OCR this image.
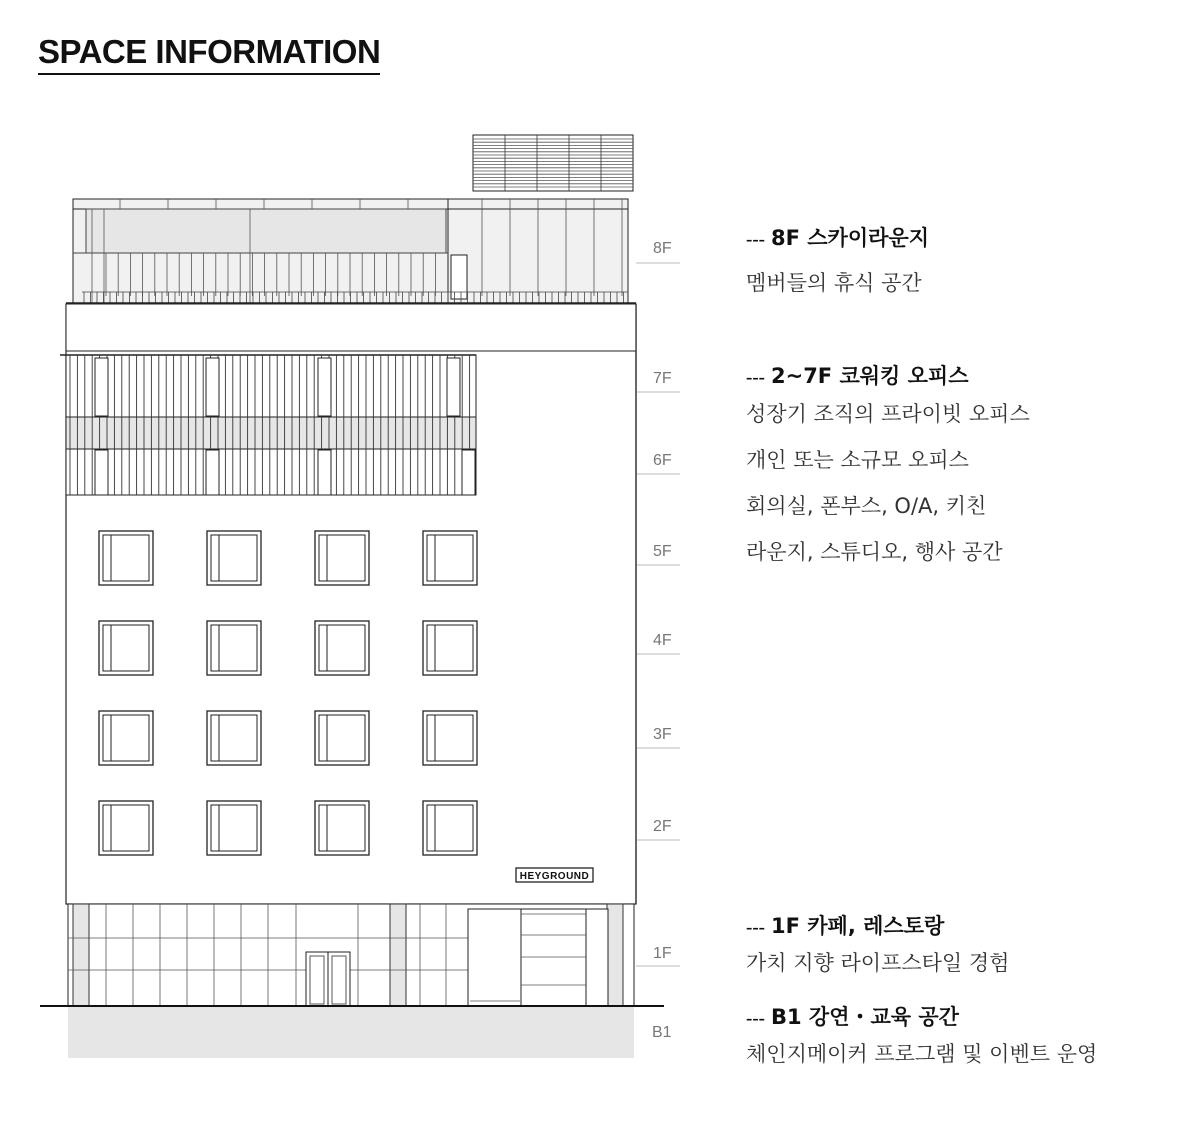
SPACE INFORMATION
8F
7F
6F
5F
4F
3F
2F
1F
B1
HEYGROUND
--- 8F 스카이라운지
멤버들의 휴식 공간
--- 2~7F 코워킹 오피스
성장기 조직의 프라이빗 오피스
개인 또는 소규모 오피스
회의실, 폰부스, O/A, 키친
라운지, 스튜디오, 행사 공간
--- 1F 카페, 레스토랑
가치 지향 라이프스타일 경험
--- B1 강연・교육 공간
체인지메이커 프로그램 및 이벤트 운영
